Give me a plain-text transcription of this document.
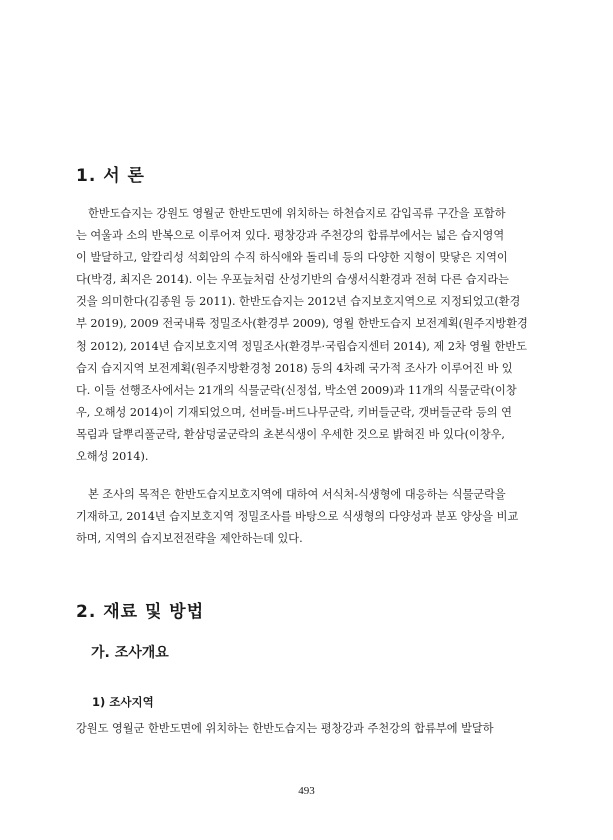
1. 서 론

한반도습지는 강원도 영월군 한반도면에 위치하는 하천습지로 감입곡류 구간을 포함하
는 여울과 소의 반복으로 이루어져 있다. 평창강과 주천강의 합류부에서는 넓은 습지영역
이 발달하고, 알칼리성 석회암의 수직 하식애와 돌리네 등의 다양한 지형이 맞닿은 지역이
다(박경, 최지은 2014). 이는 우포늪처럼 산성기반의 습생서식환경과 전혀 다른 습지라는
것을 의미한다(김종원 등 2011). 한반도습지는 2012년 습지보호지역으로 지정되었고(환경
부 2019), 2009 전국내륙 정밀조사(환경부 2009), 영월 한반도습지 보전계획(원주지방환경
청 2012), 2014년 습지보호지역 정밀조사(환경부·국립습지센터 2014), 제 2차 영월 한반도
습지 습지지역 보전계획(원주지방환경청 2018) 등의 4차례 국가적 조사가 이루어진 바 있
다. 이들 선행조사에서는 21개의 식물군락(신정섭, 박소연 2009)과 11개의 식물군락(이창
우, 오해성 2014)이 기재되었으며, 선버들-버드나무군락, 키버들군락, 갯버들군락 등의 연
목림과 달뿌리풀군락, 환삼덩굴군락의 초본식생이 우세한 것으로 밝혀진 바 있다(이창우,
오해성 2014).

본 조사의 목적은 한반도습지보호지역에 대하여 서식처-식생형에 대응하는 식물군락을
기재하고, 2014년 습지보호지역 정밀조사를 바탕으로 식생형의 다양성과 분포 양상을 비교
하며, 지역의 습지보전전략을 제안하는데 있다.

2. 재료 및 방법
가. 조사개요
1) 조사지역

강원도 영월군 한반도면에 위치하는 한반도습지는 평창강과 주천강의 합류부에 발달하

493
